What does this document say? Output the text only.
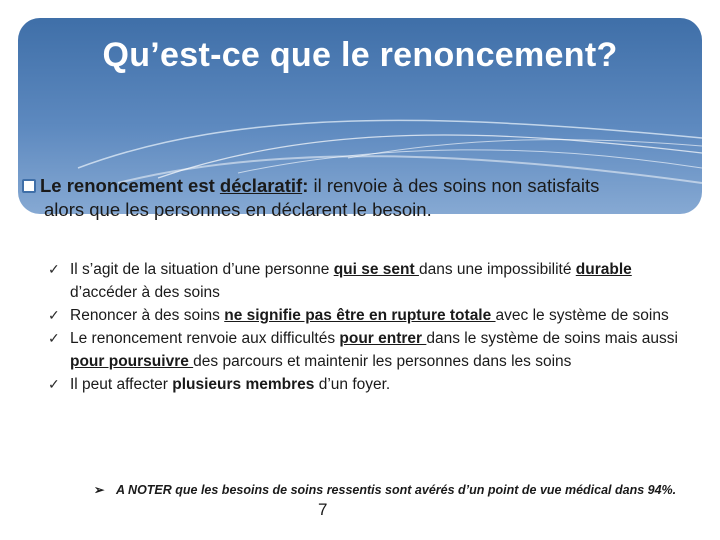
Qu’est-ce que le renoncement?
Le renoncement est déclaratif: il renvoie à des soins non satisfaits
alors que les personnes en déclarent le besoin.
✓ Il s’agit de la situation d’une personne qui se sent dans une impossibilité durable d’accéder à des soins
✓ Renoncer à des soins ne signifie pas être en rupture totale avec le système de soins
✓ Le renoncement renvoie aux difficultés pour entrer dans le système de soins mais aussi pour poursuivre des parcours et maintenir les personnes dans les soins
✓ Il peut affecter plusieurs membres d’un foyer.
➢ A NOTER que les besoins de soins ressentis sont avérés d’un point de vue médical dans 94%.
7
